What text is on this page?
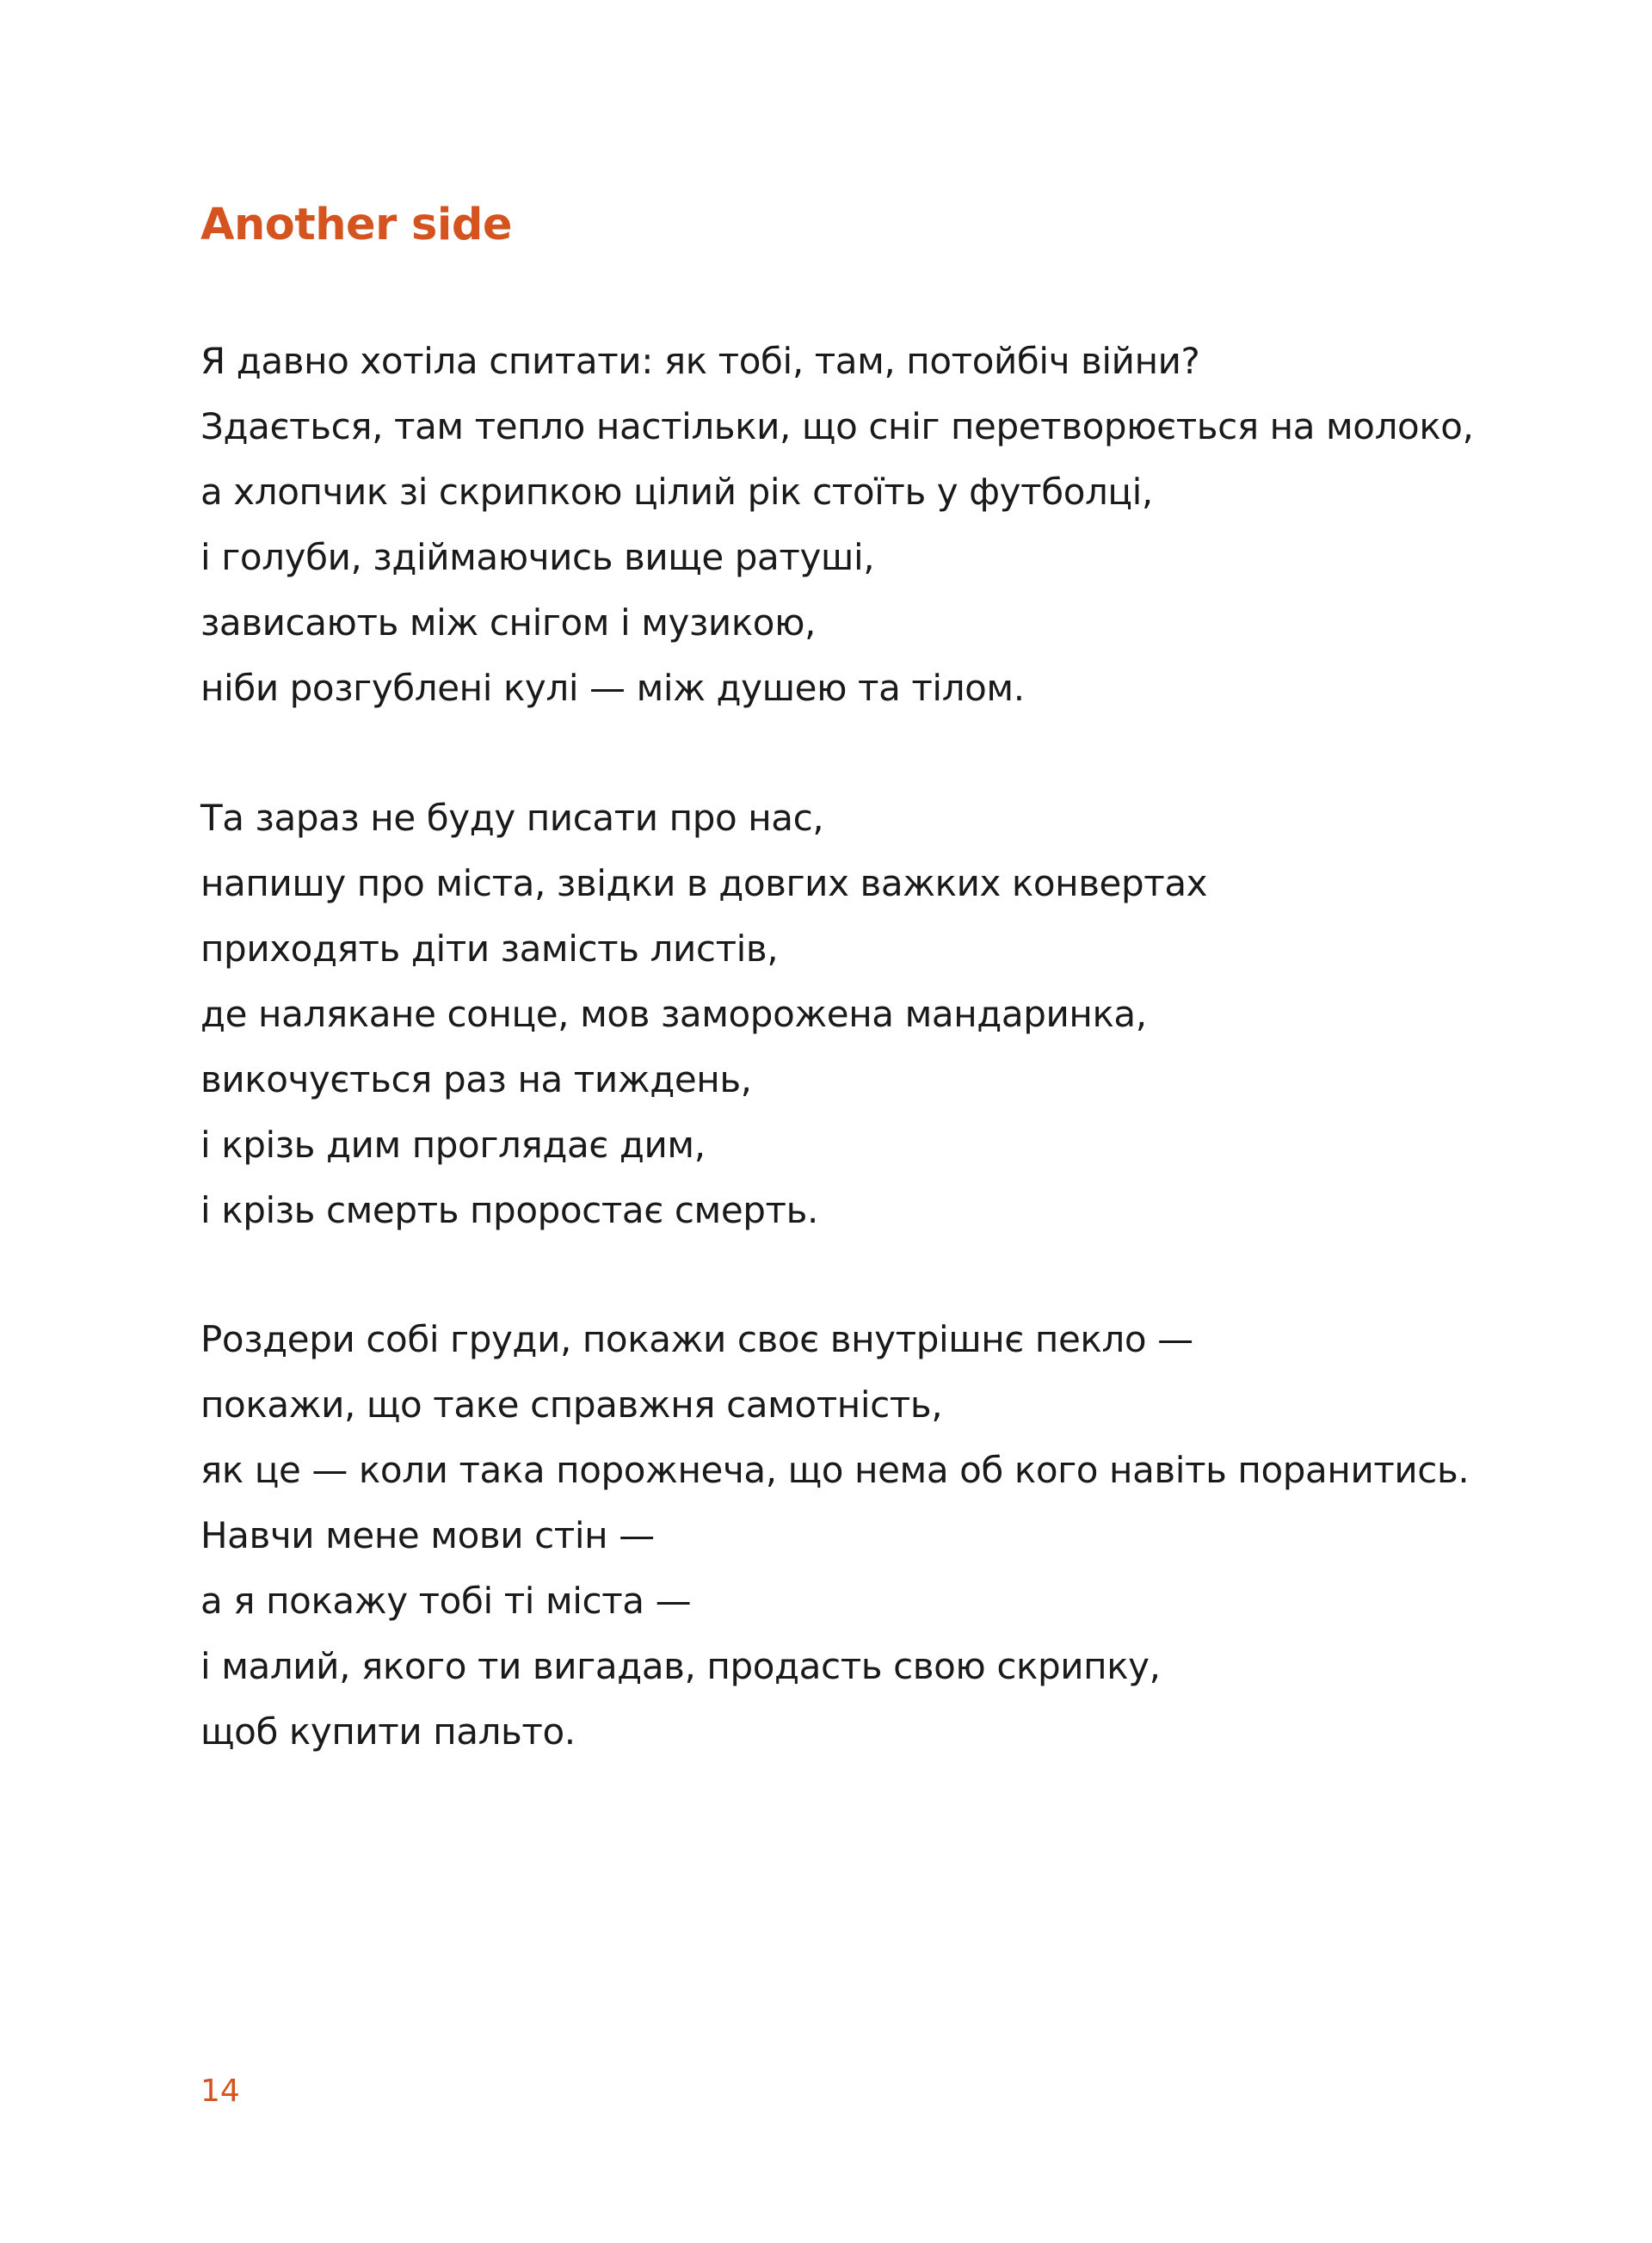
Another side
Я давно хотіла спитати: як тобі, там, потойбіч війни?
Здається, там тепло настільки, що сніг перетворюється на молоко,
а хлопчик зі скрипкою цілий рік стоїть у футболці,
і голуби, здіймаючись вище ратуші,
зависають між снігом і музикою,
ніби розгублені кулі — між душею та тілом.
Та зараз не буду писати про нас,
напишу про міста, звідки в довгих важких конвертах
приходять діти замість листів,
де налякане сонце, мов заморожена мандаринка,
викочується раз на тиждень,
і крізь дим проглядає дим,
і крізь смерть проростає смерть.
Роздери собі груди, покажи своє внутрішнє пекло —
покажи, що таке справжня самотність,
як це — коли така порожнеча, що нема об кого навіть поранитись.
Навчи мене мови стін —
а я покажу тобі ті міста —
і малий, якого ти вигадав, продасть свою скрипку,
щоб купити пальто.
14
